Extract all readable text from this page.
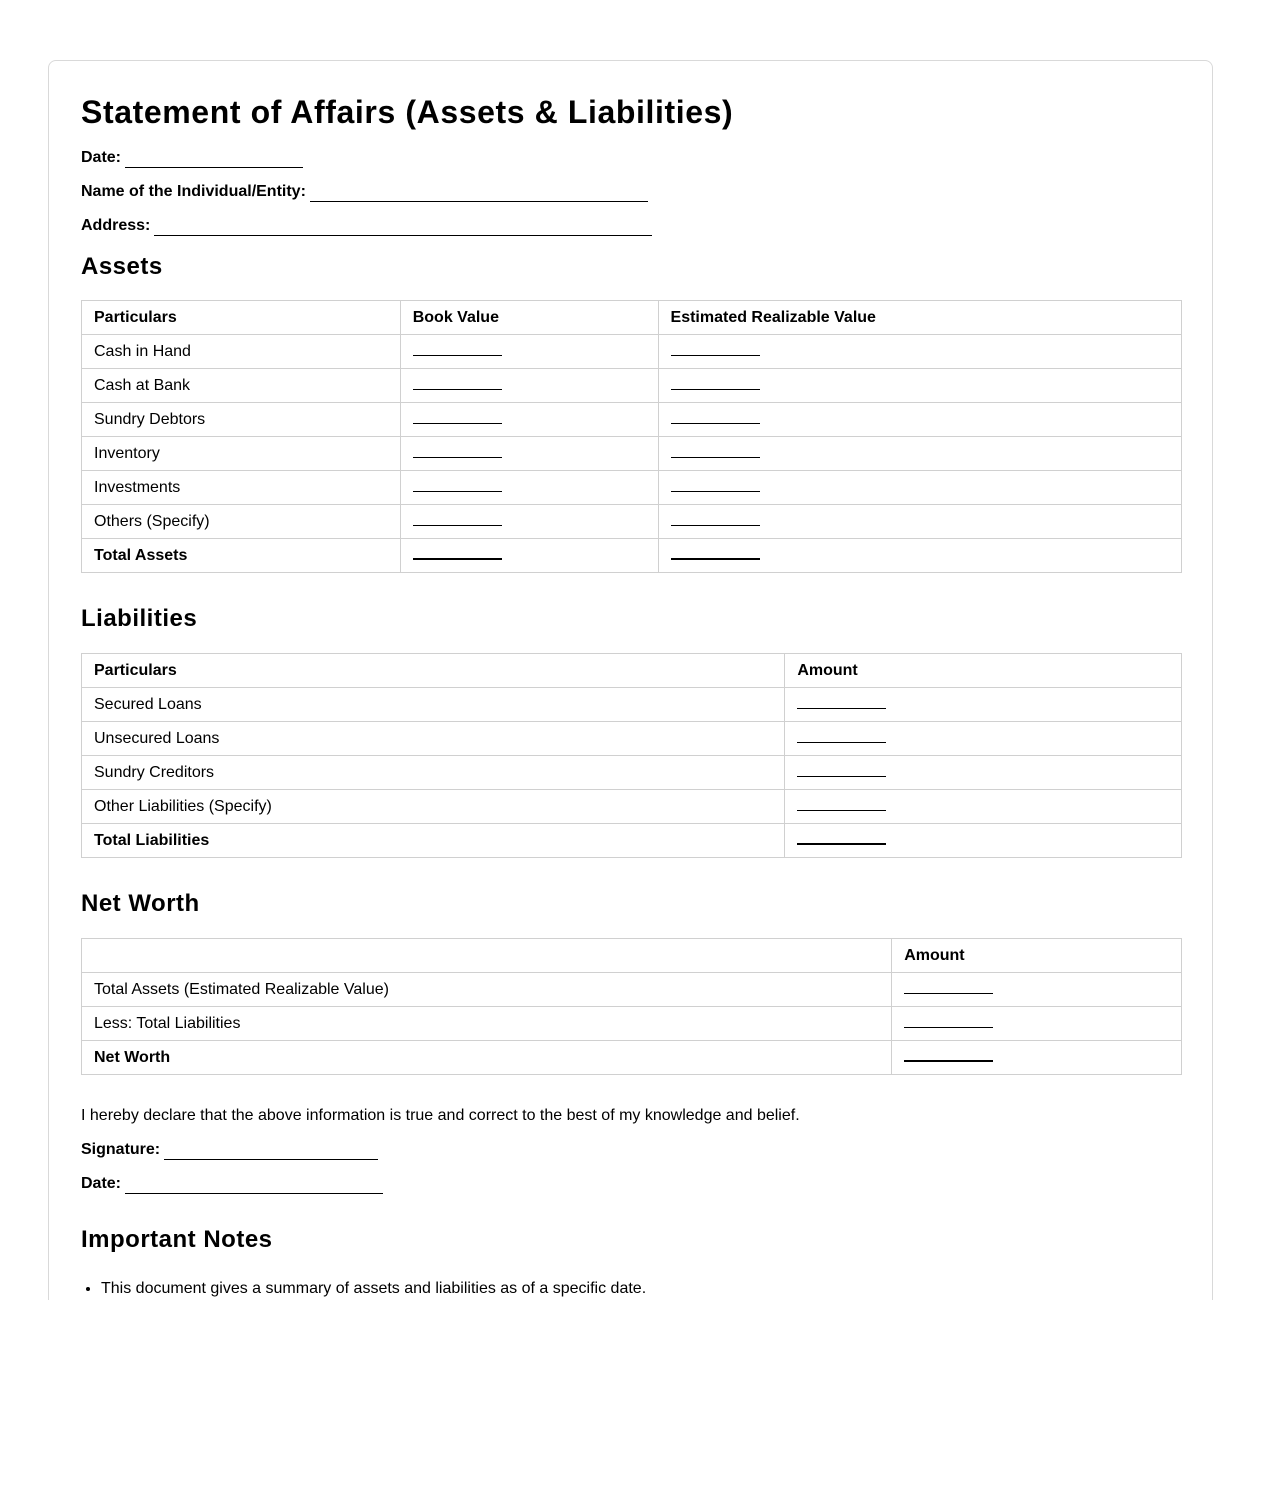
Statement of Affairs (Assets & Liabilities)
Date:
Name of the Individual/Entity:
Address:
Assets
Particulars	Book Value	Estimated Realizable Value
Cash in Hand		
Cash at Bank		
Sundry Debtors		
Inventory		
Investments		
Others (Specify)		
Total Assets		
Liabilities
Particulars	Amount
Secured Loans	
Unsecured Loans	
Sundry Creditors	
Other Liabilities (Specify)	
Total Liabilities	
Net Worth
	Amount
Total Assets (Estimated Realizable Value)	
Less: Total Liabilities	
Net Worth	

I hereby declare that the above information is true and correct to the best of my knowledge and belief.

Signature:
Date:
Important Notes
• This document gives a summary of assets and liabilities as of a specific date.
